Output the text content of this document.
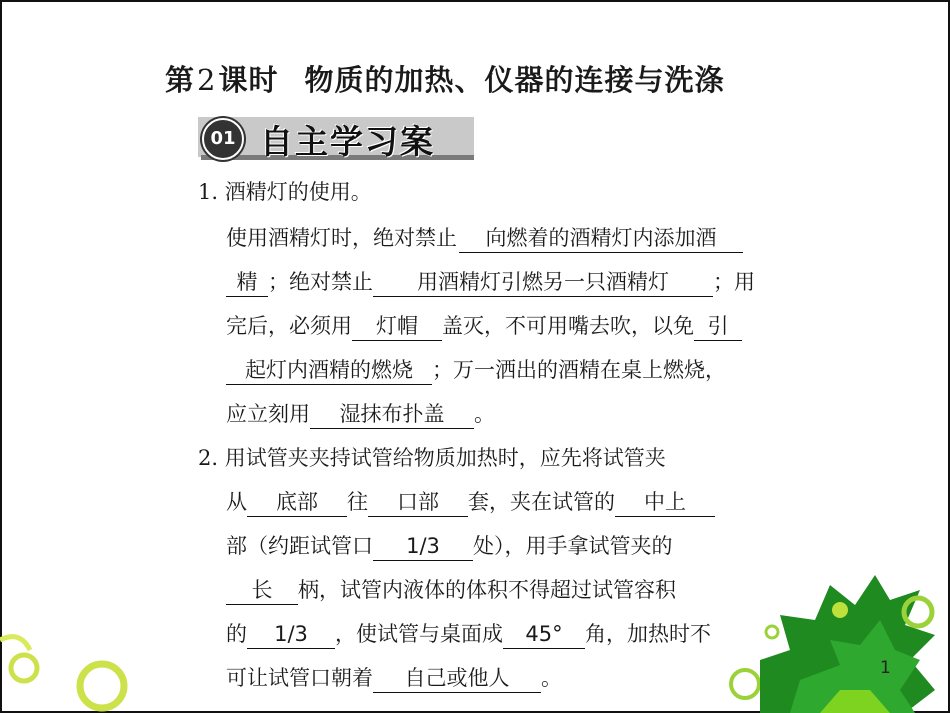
第2课时 物质的加热、仪器的连接与洗涤
01 自主学习案
1. 酒精灯的使用。
使用酒精灯时，绝对禁止 向燃着的酒精灯内添加酒
精 ；绝对禁止 用酒精灯引燃另一只酒精灯 ；用
完后，必须用 灯帽 盖灭，不可用嘴去吹，以免 引
起灯内酒精的燃烧 ；万一洒出的酒精在桌上燃烧，
应立刻用 湿抹布扑盖 。
2. 用试管夹夹持试管给物质加热时，应先将试管夹
从 底部 往 口部 套，夹在试管的 中上
部（约距试管口 1/3 处），用手拿试管夹的
长 柄，试管内液体的体积不得超过试管容积
的 1/3 ，使试管与桌面成 45° 角，加热时不
可让试管口朝着 自己或他人 。	1
